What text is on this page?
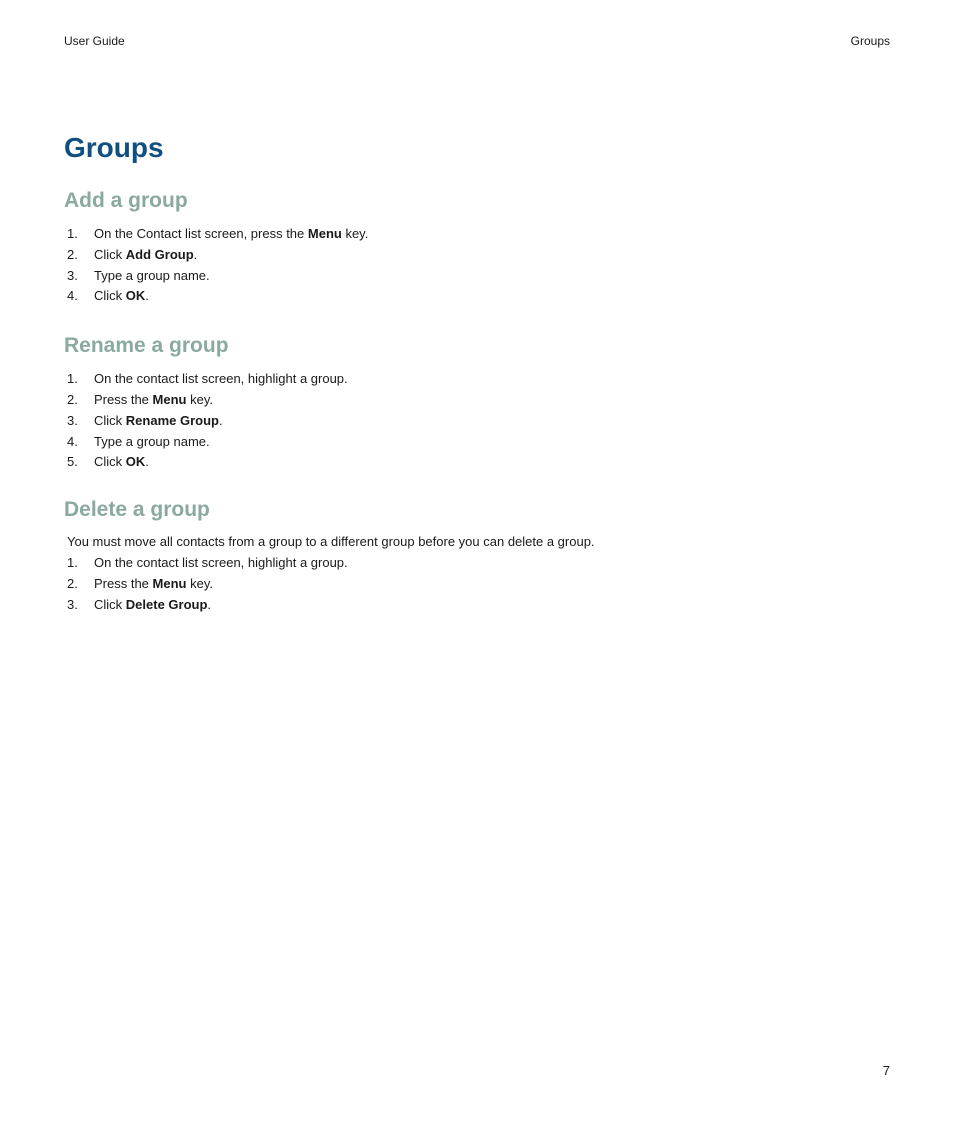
User Guide	Groups
Groups
Add a group
1. On the Contact list screen, press the Menu key.
2. Click Add Group.
3. Type a group name.
4. Click OK.
Rename a group
1. On the contact list screen, highlight a group.
2. Press the Menu key.
3. Click Rename Group.
4. Type a group name.
5. Click OK.
Delete a group

You must move all contacts from a group to a different group before you can delete a group.

1. On the contact list screen, highlight a group.
2. Press the Menu key.
3. Click Delete Group.
7
